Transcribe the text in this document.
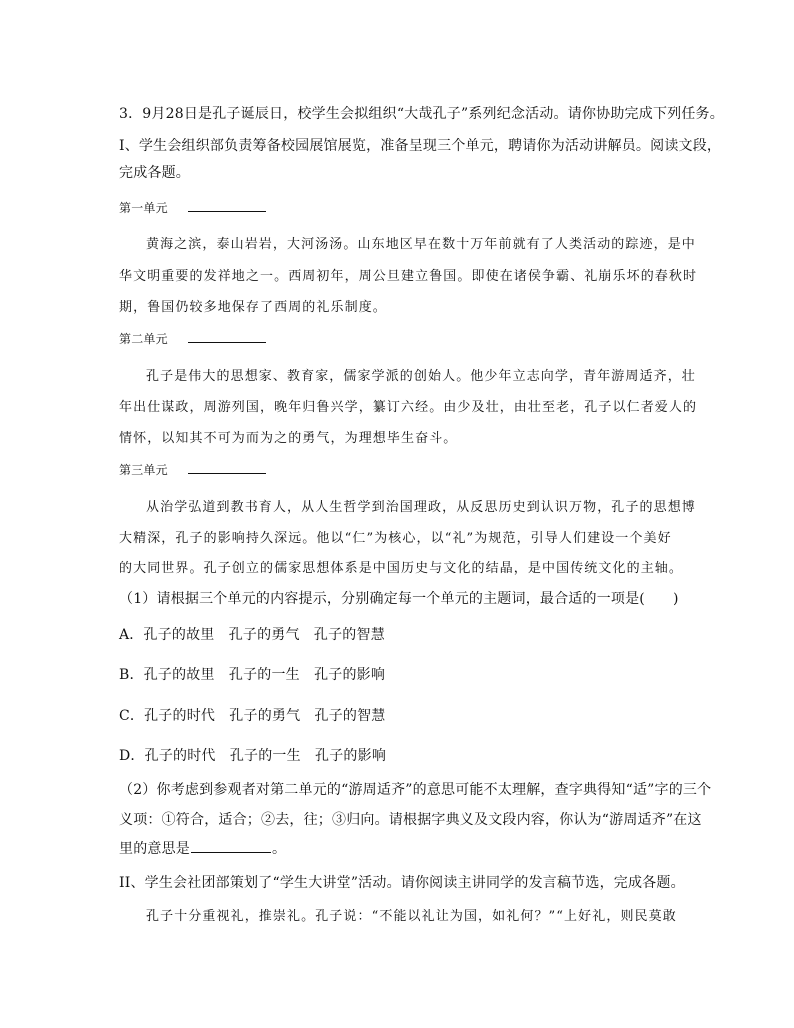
3．9月28日是孔子诞辰日，校学生会拟组织“大哉孔子”系列纪念活动。请你协助完成下列任务。
I、学生会组织部负责筹备校园展馆展览，准备呈现三个单元，聘请你为活动讲解员。阅读文段，
完成各题。
第一单元
黄海之滨，泰山岩岩，大河汤汤。山东地区早在数十万年前就有了人类活动的踪迹，是中
华文明重要的发祥地之一。西周初年，周公旦建立鲁国。即使在诸侯争霸、礼崩乐坏的春秋时
期，鲁国仍较多地保存了西周的礼乐制度。
第二单元
孔子是伟大的思想家、教育家，儒家学派的创始人。他少年立志向学，青年游周适齐，壮
年出仕谋政，周游列国，晚年归鲁兴学，纂订六经。由少及壮，由壮至老，孔子以仁者爱人的
情怀，以知其不可为而为之的勇气，为理想毕生奋斗。
第三单元
从治学弘道到教书育人，从人生哲学到治国理政，从反思历史到认识万物，孔子的思想博
大精深，孔子的影响持久深远。他以“仁”为核心，以“礼”为规范，引导人们建设一个美好
的大同世界。孔子创立的儒家思想体系是中国历史与文化的结晶，是中国传统文化的主轴。
（1）请根据三个单元的内容提示，分别确定每一个单元的主题词，最合适的一项是( )
A．孔子的故里　孔子的勇气　孔子的智慧
B．孔子的故里　孔子的一生　孔子的影响
C．孔子的时代　孔子的勇气　孔子的智慧
D．孔子的时代　孔子的一生　孔子的影响
（2）你考虑到参观者对第二单元的“游周适齐”的意思可能不太理解，查字典得知“适”字的三个
义项：①符合，适合；②去，往；③归向。请根据字典义及文段内容，你认为“游周适齐”在这
里的意思是	。
II、学生会社团部策划了“学生大讲堂”活动。请你阅读主讲同学的发言稿节选，完成各题。
孔子十分重视礼，推崇礼。孔子说：“不能以礼让为国，如礼何？”“上好礼，则民莫敢
